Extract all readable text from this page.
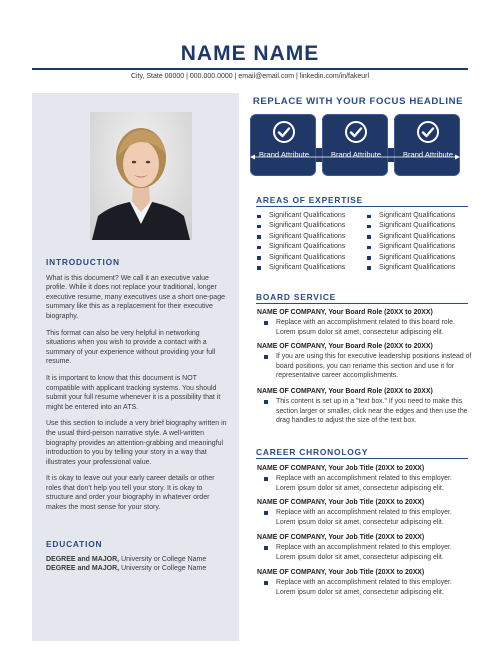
NAME NAME
City, State 00000 | 000.000.0000 | email@email.com | linkedin.com/in/fakeurl
INTRODUCTION

What is this document? We call it an executive value profile. While it does not replace your traditional, longer executive resume, many executives use a short one-page summary like this as a replacement for their executive biography.

This format can also be very helpful in networking situations when you wish to provide a contact with a summary of your experience without providing your full resume.

It is important to know that this document is NOT compatible with applicant tracking systems. You should submit your full resume whenever it is a possibility that it might be entered into an ATS.

Use this section to include a very brief biography written in the usual third-person narrative style. A well-written biography provides an attention-grabbing and meaningful introduction to you by telling your story in a way that illustrates your professional value.

It is okay to leave out your early career details or other roles that don't help you tell your story. It is okay to structure and order your biography in whatever order makes the most sense for your story.

EDUCATION
DEGREE and MAJOR, University or College Name
DEGREE and MAJOR, University or College Name
REPLACE WITH YOUR FOCUS HEADLINE
Brand Attribute	Brand Attribute	Brand Attribute
AREAS OF EXPERTISE
Significant Qualifications
Significant Qualifications
Significant Qualifications
Significant Qualifications
Significant Qualifications
Significant Qualifications
Significant Qualifications
Significant Qualifications
Significant Qualifications
Significant Qualifications
Significant Qualifications
Significant Qualifications
BOARD SERVICE
NAME OF COMPANY, Your Board Role (20XX to 20XX)
Replace with an accomplishment related to this board role. Lorem ipsum dolor sit amet, consectetur adipiscing elit.
NAME OF COMPANY, Your Board Role (20XX to 20XX)
If you are using this for executive leadership positions instead of board positions, you can rename this section and use it for representative career accomplishments.
NAME OF COMPANY, Your Board Role (20XX to 20XX)
This content is set up in a "text box." If you need to make this section larger or smaller, click near the edges and then use the drag handles to adjust the size of the text box.
CAREER CHRONOLOGY
NAME OF COMPANY, Your Job Title (20XX to 20XX)
Replace with an accomplishment related to this employer. Lorem ipsum dolor sit amet, consectetur adipiscing elit.
NAME OF COMPANY, Your Job Title (20XX to 20XX)
Replace with an accomplishment related to this employer. Lorem ipsum dolor sit amet, consectetur adipiscing elit.
NAME OF COMPANY, Your Job Title (20XX to 20XX)
Replace with an accomplishment related to this employer. Lorem ipsum dolor sit amet, consectetur adipiscing elit.
NAME OF COMPANY, Your Job Title (20XX to 20XX)
Replace with an accomplishment related to this employer. Lorem ipsum dolor sit amet, consectetur adipiscing elit.
